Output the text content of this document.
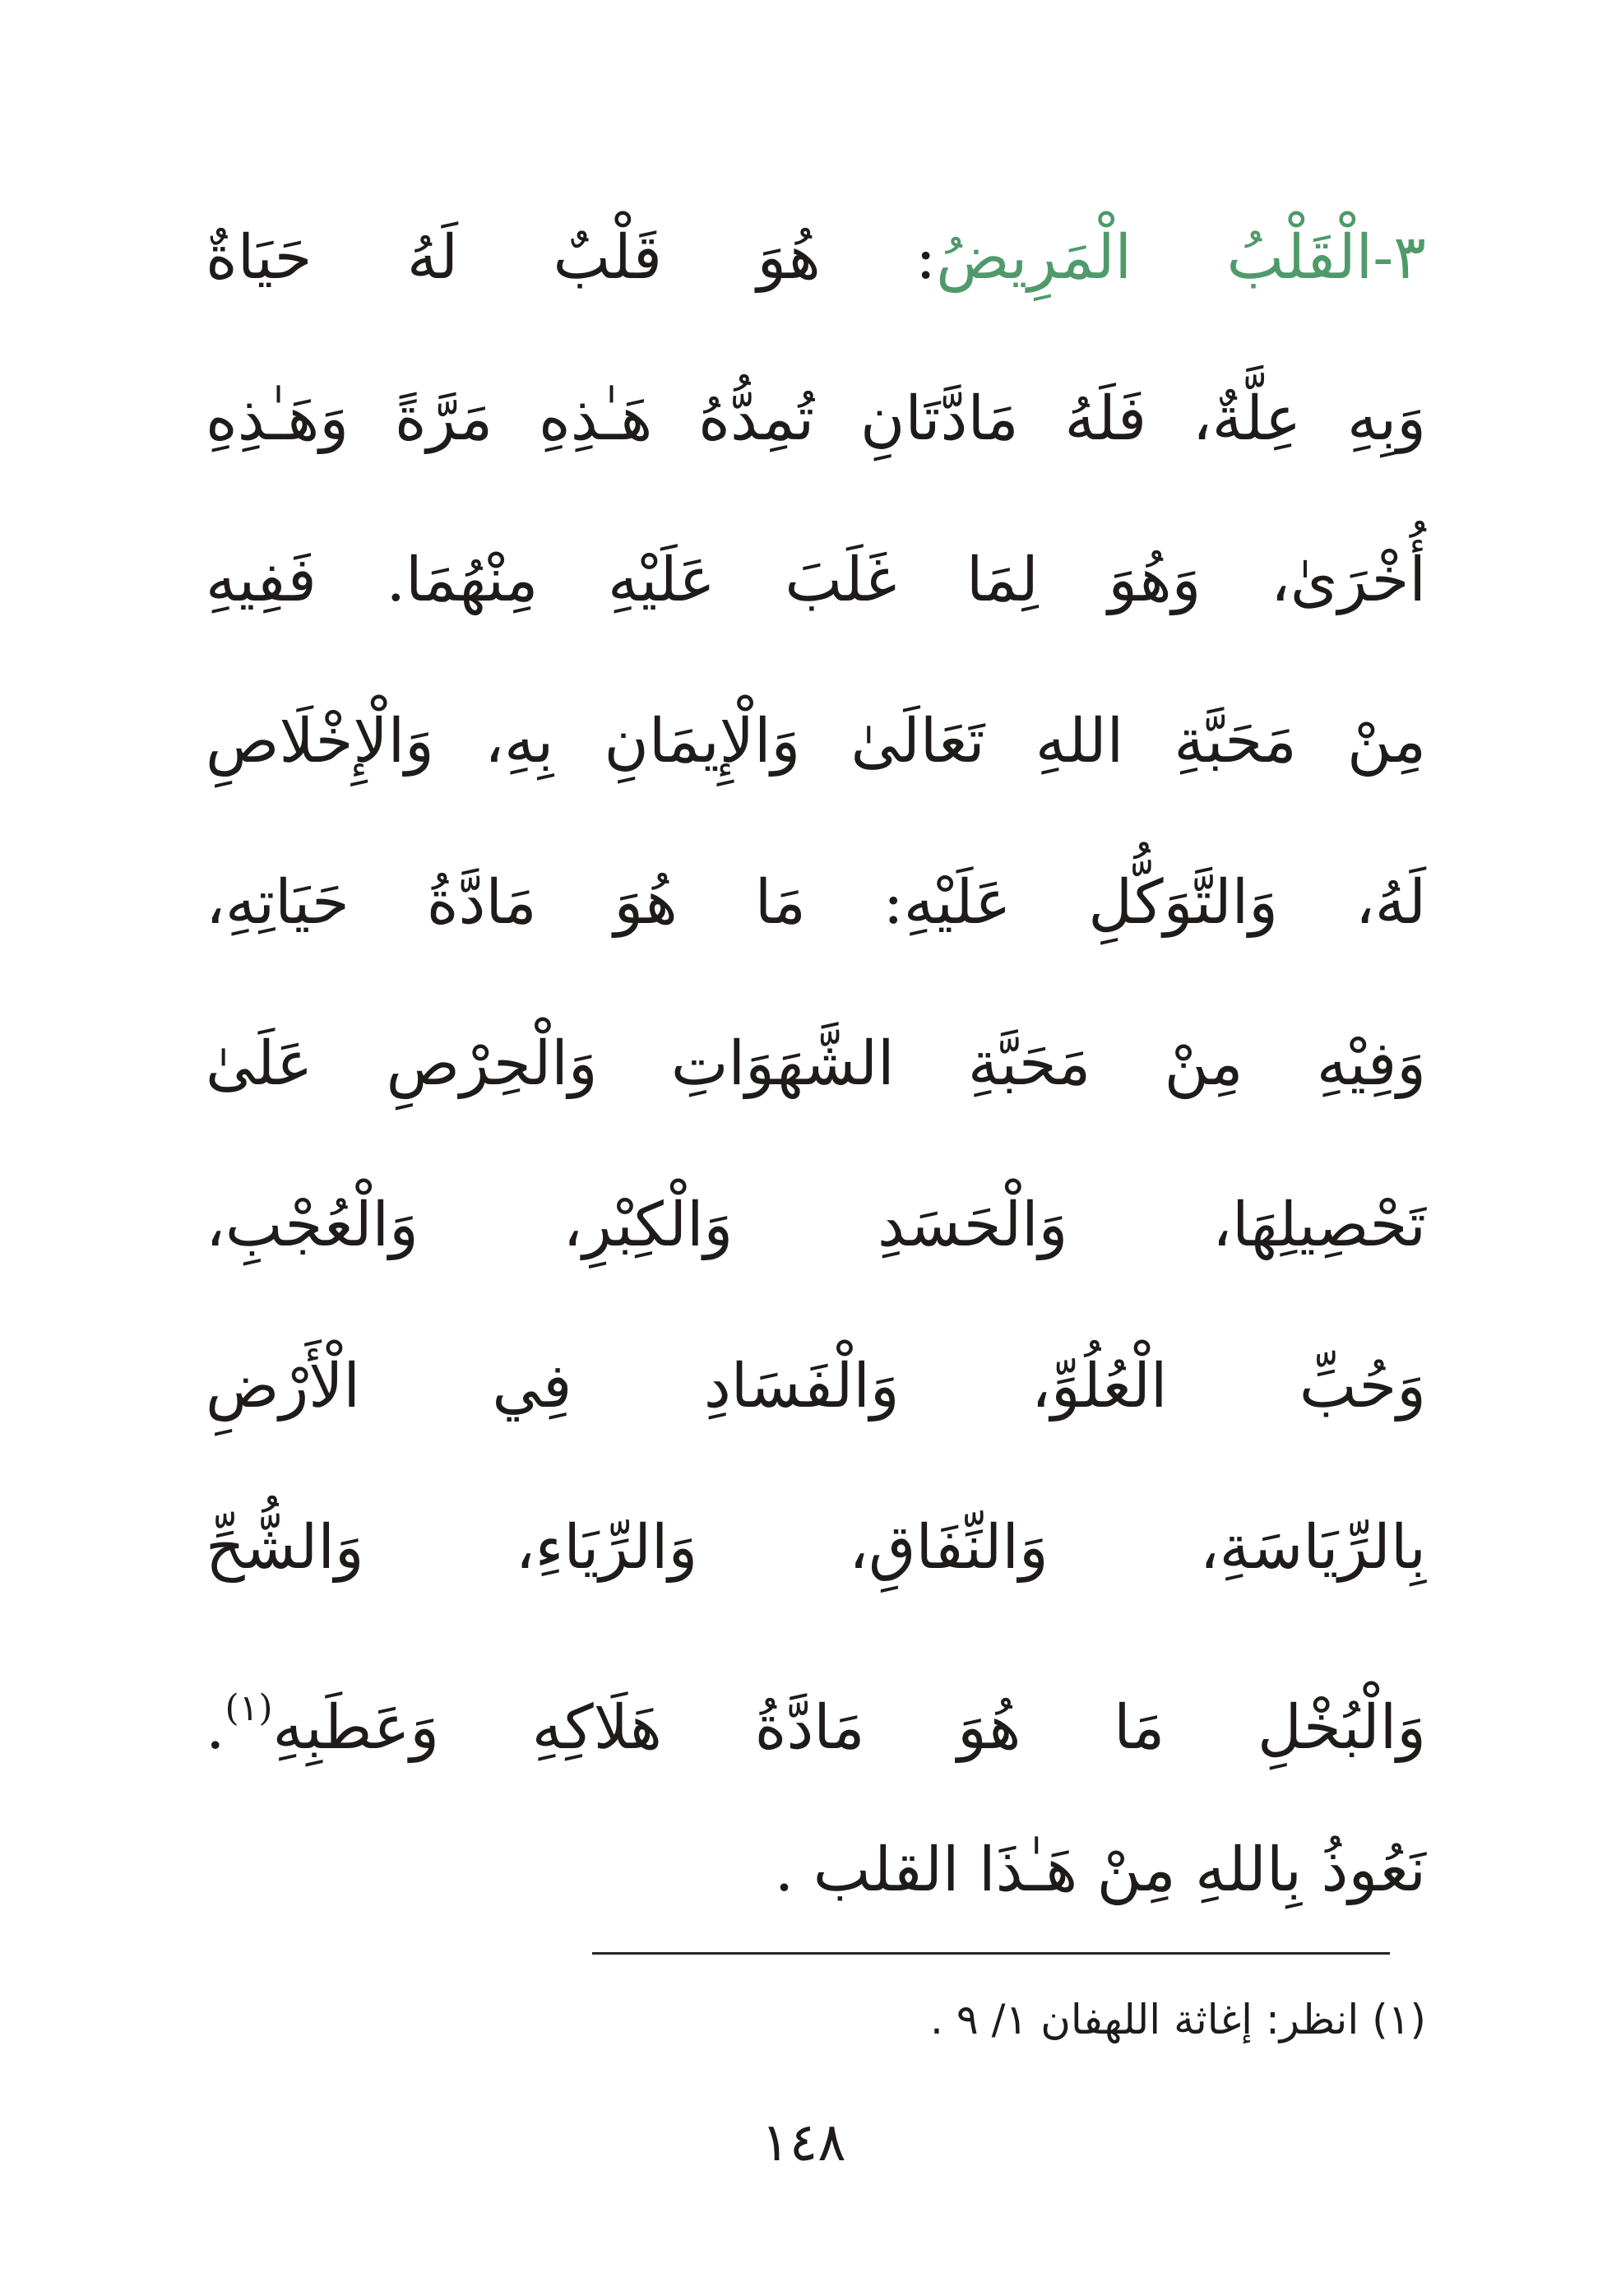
٣-الْقَلْبُ الْمَرِيضُ: هُوَ قَلْبٌ لَهُ حَيَاةٌ
وَبِهِ عِلَّةٌ، فَلَهُ مَادَّتَانِ تُمِدُّهُ هَـٰذِهِ مَرَّةً وَهَـٰذِهِ
أُخْرَىٰ، وَهُوَ لِمَا غَلَبَ عَلَيْهِ مِنْهُمَا. فَفِيهِ
مِنْ مَحَبَّةِ اللهِ تَعَالَىٰ وَالْإِيمَانِ بِهِ، وَالْإِخْلَاصِ
لَهُ، وَالتَّوَكُّلِ عَلَيْهِ: مَا هُوَ مَادَّةُ حَيَاتِهِ،
وَفِيْهِ مِنْ مَحَبَّةِ الشَّهَوَاتِ وَالْحِرْصِ عَلَىٰ
تَحْصِيلِهَا، وَالْحَسَدِ وَالْكِبْرِ، وَالْعُجْبِ،
وَحُبِّ الْعُلُوِّ، وَالْفَسَادِ فِي الْأَرْضِ
بِالرِّيَاسَةِ، وَالنِّفَاقِ، وَالرِّيَاءِ، وَالشُّحِّ
وَالْبُخْلِ مَا هُوَ مَادَّةُ هَلَاكِهِ وَعَطَبِهِ$^{(١)}$.
نَعُوذُ بِاللهِ مِنْ هَـٰذَا القلب .
(١) انظر: إغاثة اللهفان ١/ ٩ .
١٤٨
